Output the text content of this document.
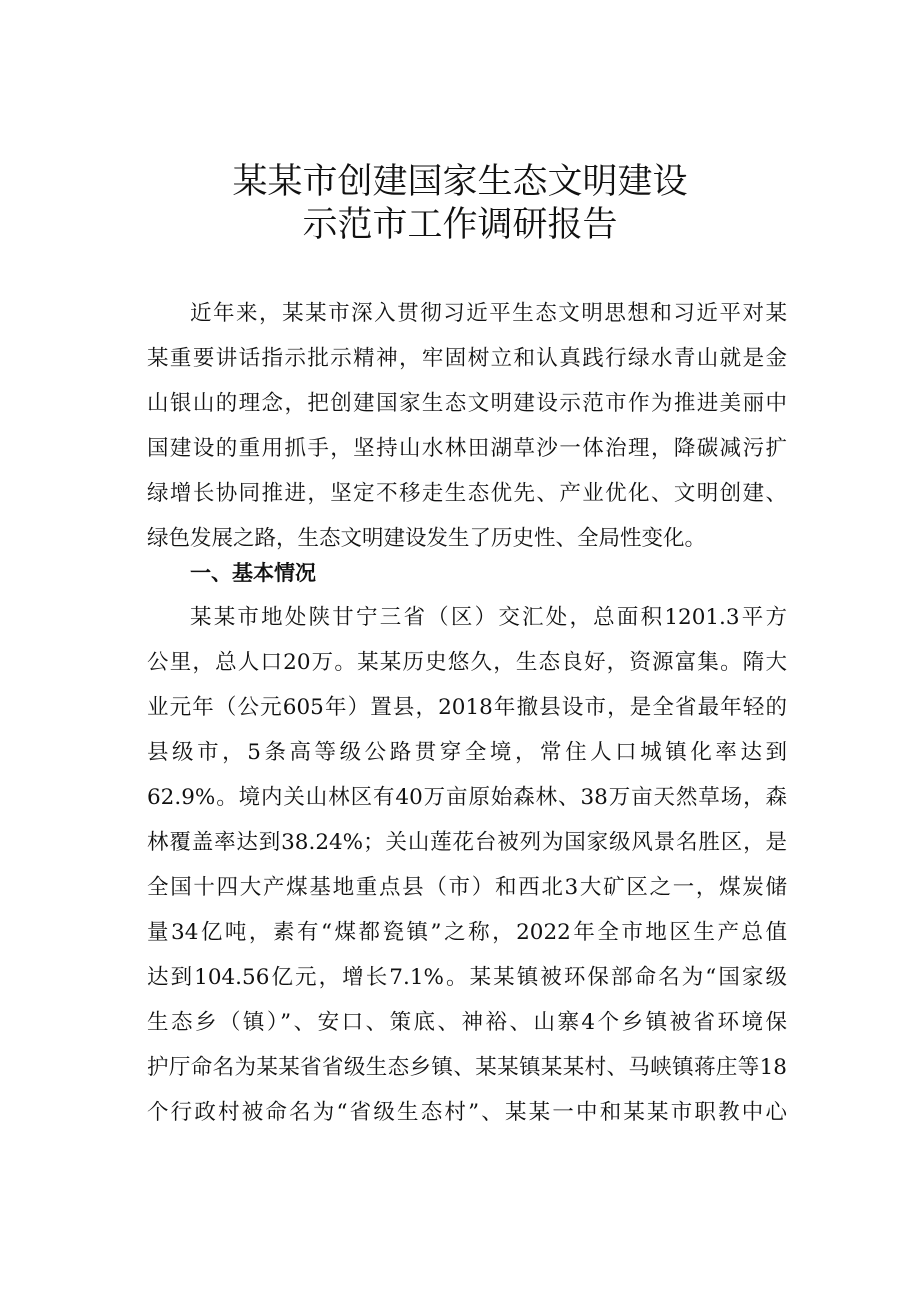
某某市创建国家生态文明建设
示范市工作调研报告
近年来，某某市深入贯彻习近平生态文明思想和习近平对某
某重要讲话指示批示精神，牢固树立和认真践行绿水青山就是金
山银山的理念，把创建国家生态文明建设示范市作为推进美丽中
国建设的重用抓手，坚持山水林田湖草沙一体治理，降碳减污扩
绿增长协同推进，坚定不移走生态优先、产业优化、文明创建、
绿色发展之路，生态文明建设发生了历史性、全局性变化。
一、基本情况
某某市地处陕甘宁三省（区）交汇处，总面积1201.3平方
公里，总人口20万。某某历史悠久，生态良好，资源富集。隋大
业元年（公元605年）置县，2018年撤县设市，是全省最年轻的
县级市，5条高等级公路贯穿全境，常住人口城镇化率达到
62.9%。境内关山林区有40万亩原始森林、38万亩天然草场，森
林覆盖率达到38.24%；关山莲花台被列为国家级风景名胜区，是
全国十四大产煤基地重点县（市）和西北3大矿区之一，煤炭储
量34亿吨，素有“煤都瓷镇”之称，2022年全市地区生产总值
达到104.56亿元，增长7.1%。某某镇被环保部命名为“国家级
生态乡（镇）”、安口、策底、神裕、山寨4个乡镇被省环境保
护厅命名为某某省省级生态乡镇、某某镇某某村、马峡镇蒋庄等18
个行政村被命名为“省级生态村”、某某一中和某某市职教中心
